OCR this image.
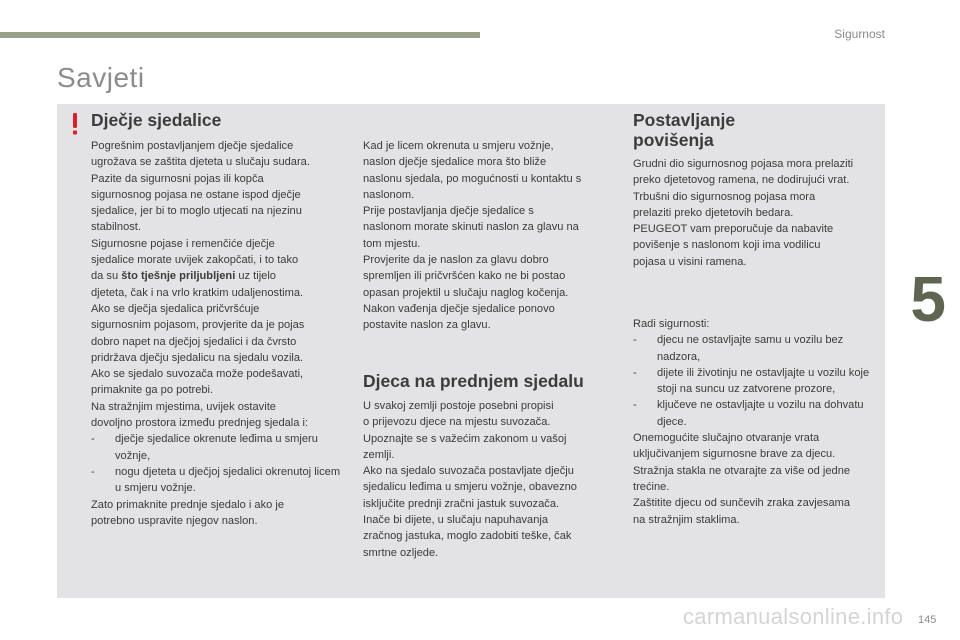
Sigurnost
5
Savjeti
Dječje sjedalice
Pogrešnim postavljanjem dječje sjedalice
ugrožava se zaštita djeteta u slučaju sudara.
Pazite da sigurnosni pojas ili kopča
sigurnosnog pojasa ne ostane ispod dječje
sjedalice, jer bi to moglo utjecati na njezinu
stabilnost.
Sigurnosne pojase i remenčiće dječje
sjedalice morate uvijek zakopčati, i to tako
da su što tješnje priljubljeni uz tijelo
djeteta, čak i na vrlo kratkim udaljenostima.
Ako se dječja sjedalica pričvršćuje
sigurnosnim pojasom, provjerite da je pojas
dobro napet na dječjoj sjedalici i da čvrsto
pridržava dječju sjedalicu na sjedalu vozila.
Ako se sjedalo suvozača može podešavati,
primaknite ga po potrebi.
Na stražnjim mjestima, uvijek ostavite
dovoljno prostora između prednjeg sjedala i:
- dječje sjedalice okrenute leđima u smjeru vožnje,
- nogu djeteta u dječjoj sjedalici okrenutoj licem u smjeru vožnje.
Zato primaknite prednje sjedalo i ako je
potrebno uspravite njegov naslon.
Kad je licem okrenuta u smjeru vožnje,
naslon dječje sjedalice mora što bliže
naslonu sjedala, po mogućnosti u kontaktu s
naslonom.
Prije postavljanja dječje sjedalice s
naslonom morate skinuti naslon za glavu na
tom mjestu.
Provjerite da je naslon za glavu dobro
spremljen ili pričvršćen kako ne bi postao
opasan projektil u slučaju naglog kočenja.
Nakon vađenja dječje sjedalice ponovo
postavite naslon za glavu.
Djeca na prednjem sjedalu
U svakoj zemlji postoje posebni propisi
o prijevozu djece na mjestu suvozača.
Upoznajte se s važećim zakonom u vašoj
zemlji.
Ako na sjedalo suvozača postavljate dječju
sjedalicu leđima u smjeru vožnje, obavezno
isključite prednji zračni jastuk suvozača.
Inače bi dijete, u slučaju napuhavanja
zračnog jastuka, moglo zadobiti teške, čak
smrtne ozljede.
Postavljanje
povišenja
Grudni dio sigurnosnog pojasa mora prelaziti
preko djetetovog ramena, ne dodirujući vrat.
Trbušni dio sigurnosnog pojasa mora
prelaziti preko djetetovih bedara.
PEUGEOT vam preporučuje da nabavite
povišenje s naslonom koji ima vodilicu
pojasa u visini ramena.
Radi sigurnosti:
- djecu ne ostavljajte samu u vozilu bez nadzora,
- dijete ili životinju ne ostavljajte u vozilu koje stoji na suncu uz zatvorene prozore,
- ključeve ne ostavljajte u vozilu na dohvatu djece.
Onemogućite slučajno otvaranje vrata
uklјučivanjem sigurnosne brave za djecu.
Stražnja stakla ne otvarajte za više od jedne
trećine.
Zaštitite djecu od sunčevih zraka zavjesama
na stražnjim staklima.
carmanualsonline.info 145
